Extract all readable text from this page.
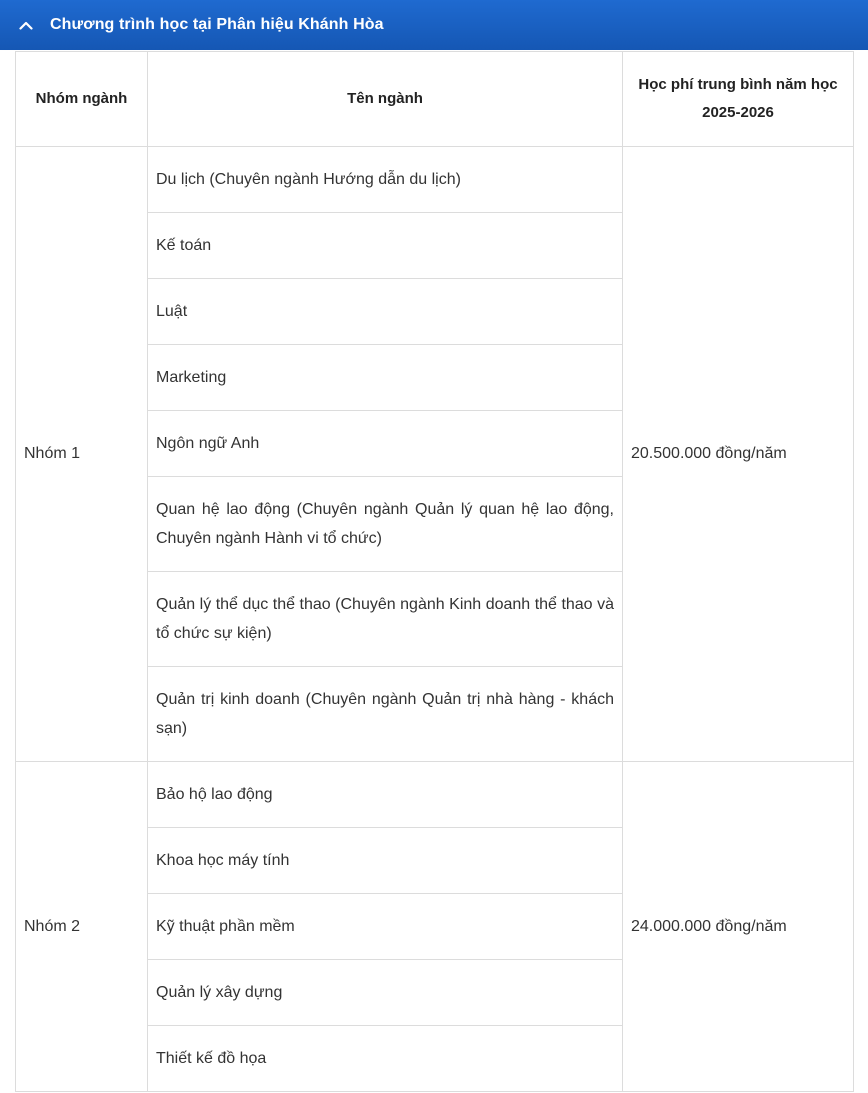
Chương trình học tại Phân hiệu Khánh Hòa
Nhóm ngành	Tên ngành	Học phí trung bình năm học 2025-2026
Nhóm 1	Du lịch (Chuyên ngành Hướng dẫn du lịch)	20.500.000 đồng/năm
	Kế toán	
	Luật	
	Marketing	
	Ngôn ngữ Anh	
	Quan hệ lao động (Chuyên ngành Quản lý quan hệ lao động, Chuyên ngành Hành vi tổ chức)	
	Quản lý thể dục thể thao (Chuyên ngành Kinh doanh thể thao và tổ chức sự kiện)	
	Quản trị kinh doanh (Chuyên ngành Quản trị nhà hàng - khách sạn)	
Nhóm 2	Bảo hộ lao động	24.000.000 đồng/năm
	Khoa học máy tính	
	Kỹ thuật phần mềm	
	Quản lý xây dựng	
	Thiết kế đồ họa	
